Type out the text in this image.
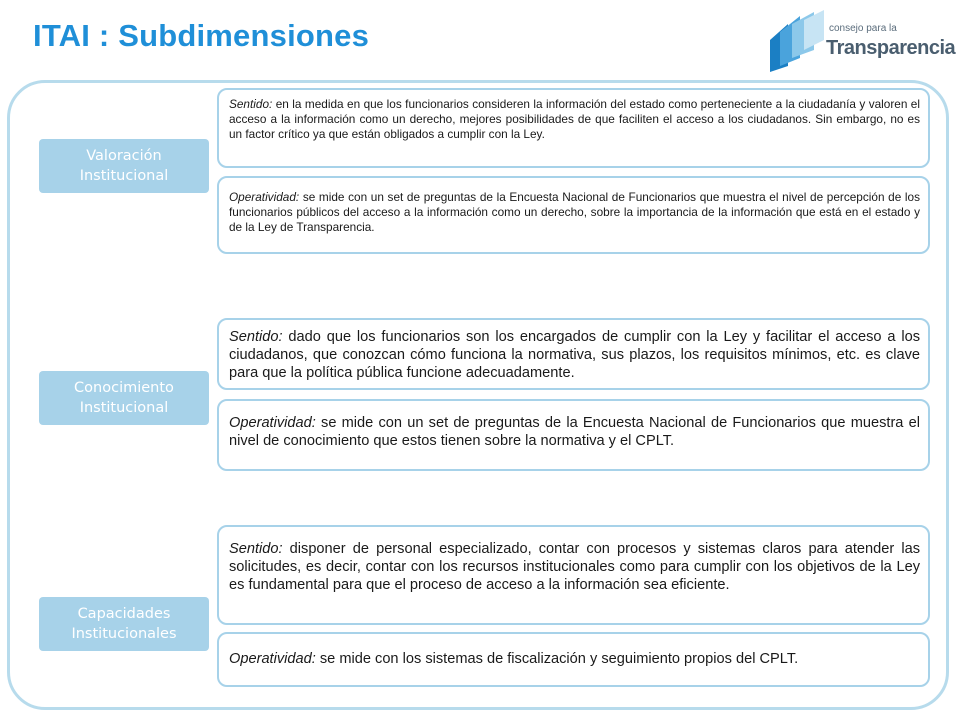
ITAI : Subdimensiones	consejo para la
Transparencia
Valoración
Institucional
Sentido: en la medida en que los funcionarios consideren la información del estado como perteneciente a la ciudadanía y valoren el acceso a la información como un derecho, mejores posibilidades de que faciliten el acceso a los ciudadanos. Sin embargo, no es un factor crítico ya que están obligados a cumplir con la Ley.
Operatividad: se mide con un set de preguntas de la Encuesta Nacional de Funcionarios que muestra el nivel de percepción de los funcionarios públicos del acceso a la información como un derecho, sobre la importancia de la información que está en el estado y de la Ley de Transparencia.
Conocimiento
Institucional
Sentido: dado que los funcionarios son los encargados de cumplir con la Ley y facilitar el acceso a los ciudadanos, que conozcan cómo funciona la normativa, sus plazos, los requisitos mínimos, etc. es clave para que la política pública funcione adecuadamente.
Operatividad: se mide con un set de preguntas de la Encuesta Nacional de Funcionarios que muestra el nivel de conocimiento que estos tienen sobre la normativa y el CPLT.
Capacidades
Institucionales
Sentido: disponer de personal especializado, contar con procesos y sistemas claros para atender las solicitudes, es decir, contar con los recursos institucionales como para cumplir con los objetivos de la Ley es fundamental para que el proceso de acceso a la información sea eficiente.
Operatividad: se mide con los sistemas de fiscalización y seguimiento propios del CPLT.
